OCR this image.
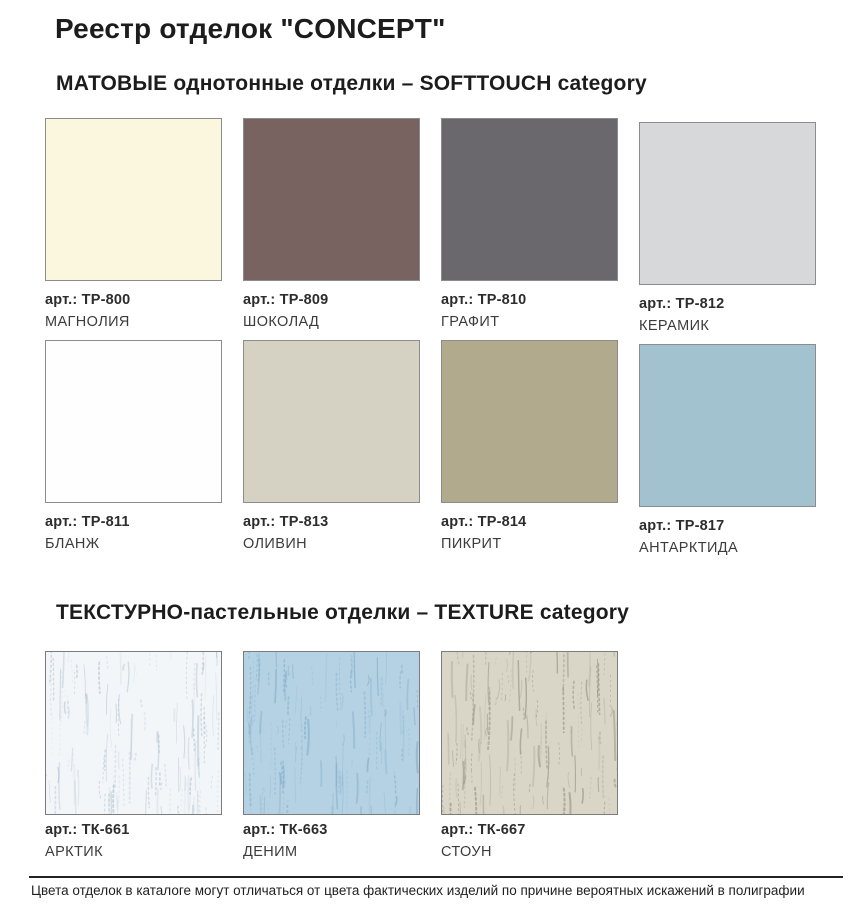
Реестр отделок "CONCEPT"
МАТОВЫЕ однотонные отделки – SOFTTOUCH category
арт.: ТР-800
МАГНОЛИЯ
арт.: ТР-809
ШОКОЛАД
арт.: ТР-810
ГРАФИТ
арт.: ТР-812
КЕРАМИК
арт.: ТР-811
БЛАНЖ
арт.: ТР-813
ОЛИВИН
арт.: ТР-814
ПИКРИТ
арт.: ТР-817
АНТАРКТИДА
ТЕКСТУРНО-пастельные отделки – TEXTURE category
арт.: ТК-661
АРКТИК
арт.: ТК-663
ДЕНИМ
арт.: ТК-667
СТОУН
Цвета отделок в каталоге могут отличаться от цвета фактических изделий по причине вероятных искажений в полиграфии
